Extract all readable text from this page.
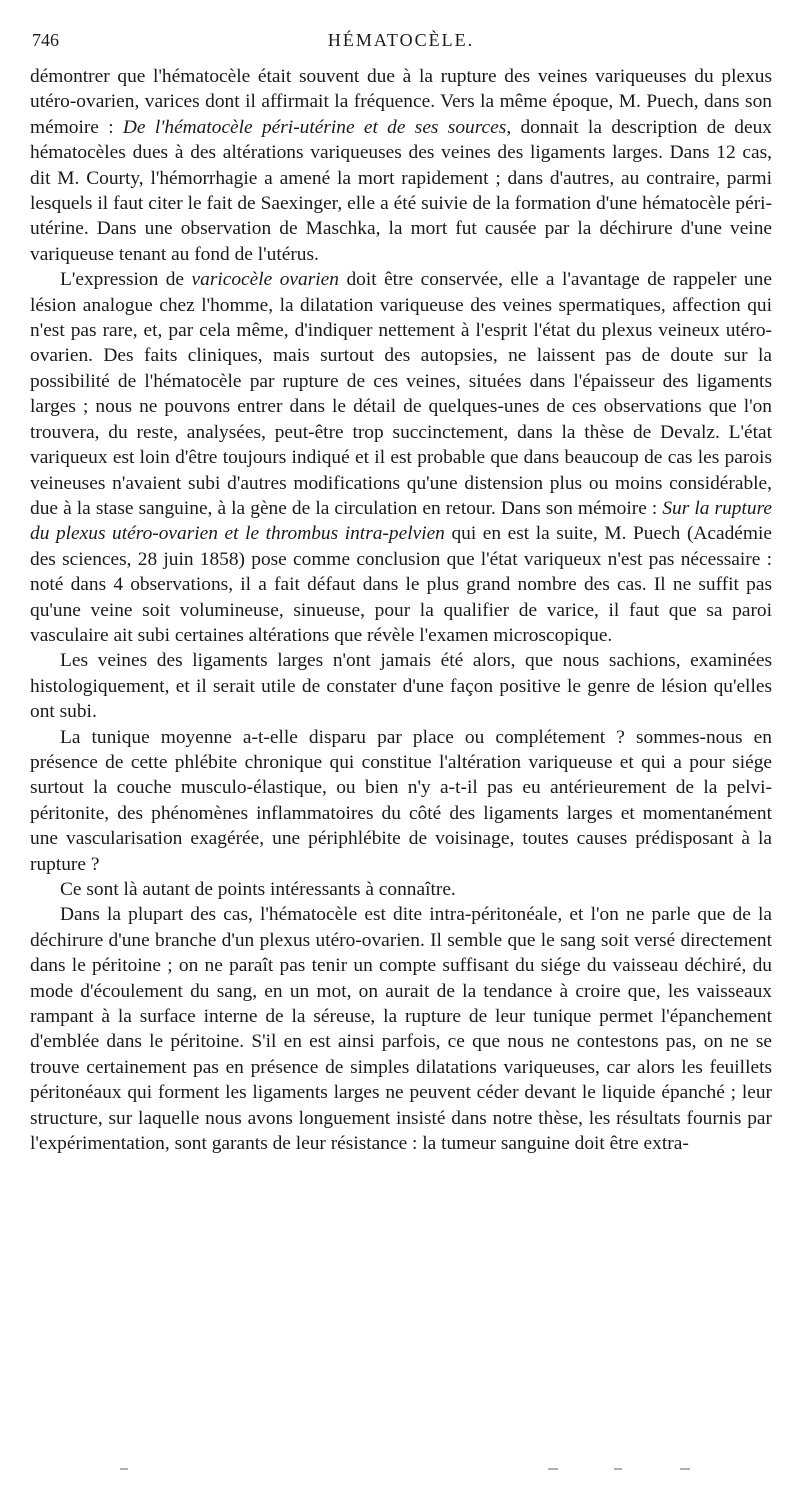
746	HÉMATOCÈLE.

démontrer que l'hématocèle était souvent due à la rupture des veines variqueuses du plexus utéro-ovarien, varices dont il affirmait la fréquence. Vers la même époque, M. Puech, dans son mémoire : De l'hématocèle péri-utérine et de ses sources, donnait la description de deux hématocèles dues à des altérations variqueuses des veines des ligaments larges. Dans 12 cas, dit M. Courty, l'hémorrhagie a amené la mort rapidement ; dans d'autres, au contraire, parmi lesquels il faut citer le fait de Saexinger, elle a été suivie de la formation d'une hématocèle péri-utérine. Dans une observation de Maschka, la mort fut causée par la déchirure d'une veine variqueuse tenant au fond de l'utérus.

L'expression de varicocèle ovarien doit être conservée, elle a l'avantage de rappeler une lésion analogue chez l'homme, la dilatation variqueuse des veines spermatiques, affection qui n'est pas rare, et, par cela même, d'indiquer nettement à l'esprit l'état du plexus veineux utéro-ovarien. Des faits cliniques, mais surtout des autopsies, ne laissent pas de doute sur la possibilité de l'hématocèle par rupture de ces veines, situées dans l'épaisseur des ligaments larges ; nous ne pouvons entrer dans le détail de quelques-unes de ces observations que l'on trouvera, du reste, analysées, peut-être trop succinctement, dans la thèse de Devalz. L'état variqueux est loin d'être toujours indiqué et il est probable que dans beaucoup de cas les parois veineuses n'avaient subi d'autres modifications qu'une distension plus ou moins considérable, due à la stase sanguine, à la gène de la circulation en retour. Dans son mémoire : Sur la rupture du plexus utéro-ovarien et le thrombus intra-pelvien qui en est la suite, M. Puech (Académie des sciences, 28 juin 1858) pose comme conclusion que l'état variqueux n'est pas nécessaire : noté dans 4 observations, il a fait défaut dans le plus grand nombre des cas. Il ne suffit pas qu'une veine soit volumineuse, sinueuse, pour la qualifier de varice, il faut que sa paroi vasculaire ait subi certaines altérations que révèle l'examen microscopique.

Les veines des ligaments larges n'ont jamais été alors, que nous sachions, examinées histologiquement, et il serait utile de constater d'une façon positive le genre de lésion qu'elles ont subi.

La tunique moyenne a-t-elle disparu par place ou complétement ? sommes-nous en présence de cette phlébite chronique qui constitue l'altération variqueuse et qui a pour siége surtout la couche musculo-élastique, ou bien n'y a-t-il pas eu antérieurement de la pelvi-péritonite, des phénomènes inflammatoires du côté des ligaments larges et momentanément une vascularisation exagérée, une périphlébite de voisinage, toutes causes prédisposant à la rupture ?

Ce sont là autant de points intéressants à connaître.

Dans la plupart des cas, l'hématocèle est dite intra-péritonéale, et l'on ne parle que de la déchirure d'une branche d'un plexus utéro-ovarien. Il semble que le sang soit versé directement dans le péritoine ; on ne paraît pas tenir un compte suffisant du siége du vaisseau déchiré, du mode d'écoulement du sang, en un mot, on aurait de la tendance à croire que, les vaisseaux rampant à la surface interne de la séreuse, la rupture de leur tunique permet l'épanchement d'emblée dans le péritoine. S'il en est ainsi parfois, ce que nous ne contestons pas, on ne se trouve certainement pas en présence de simples dilatations variqueuses, car alors les feuillets péritonéaux qui forment les ligaments larges ne peuvent céder devant le liquide épanché ; leur structure, sur laquelle nous avons longuement insisté dans notre thèse, les résultats fournis par l'expérimentation, sont garants de leur résistance : la tumeur sanguine doit être extra-
